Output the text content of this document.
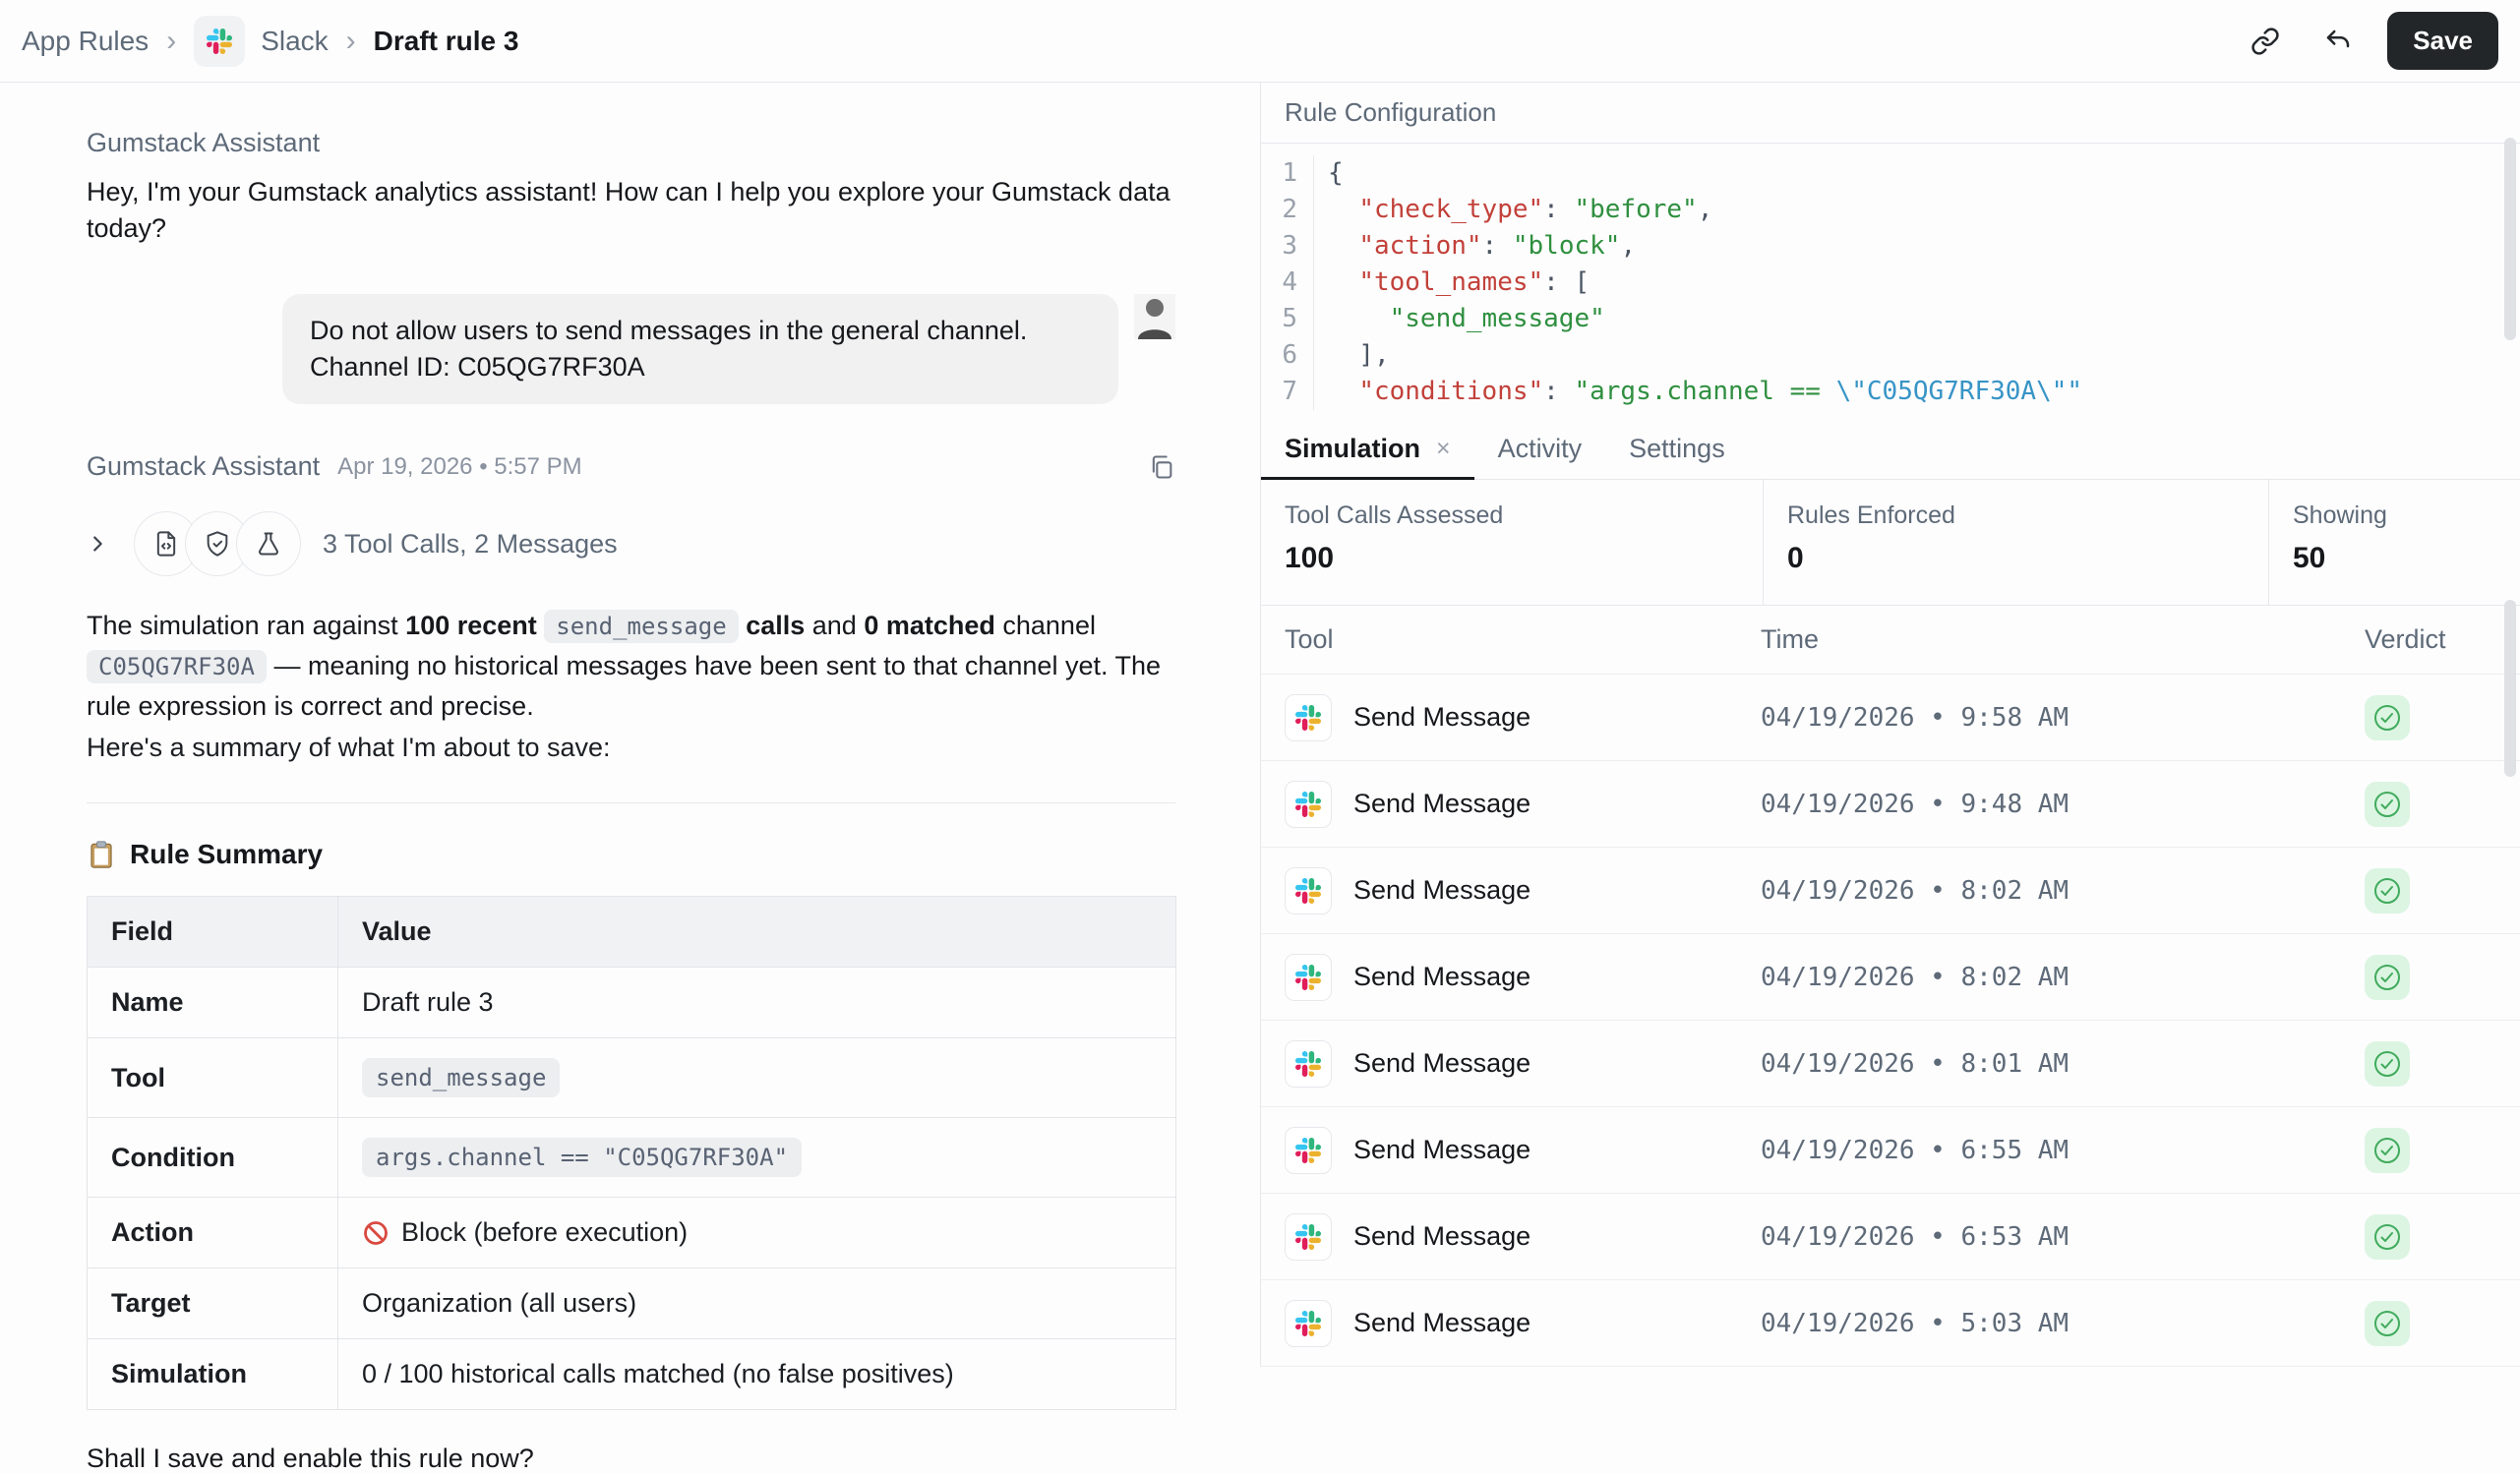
App Rules ›	Slack › Draft rule 3	Save
Gumstack Assistant

Hey, I'm your Gumstack analytics assistant! How can I help you explore your Gumstack data today?

Do not allow users to send messages in the general channel. Channel ID: C05QG7RF30A
Gumstack Assistant Apr 19, 2026 • 5:57 PM
3 Tool Calls, 2 Messages

The simulation ran against 100 recent send_message calls and 0 matched channel C05QG7RF30A — meaning no historical messages have been sent to that channel yet. The rule expression is correct and precise.

Here's a summary of what I'm about to save:

Rule Summary
Field	Value
Name	Draft rule 3
Tool	send_message
Condition	args.channel == "C05QG7RF30A"
Action	Block (before execution)
Target	Organization (all users)
Simulation	0 / 100 historical calls matched (no false positives)

Shall I save and enable this rule now?

Rule Configuration
1	{
2	"check_type": "before",
3	"action": "block",
4	"tool_names": [
5	"send_message"
6	],
7	"conditions": "args.channel == \"C05QG7RF30A\""
Simulation × Activity Settings
Tool Calls Assessed
100
Rules Enforced
0
Showing
50
Tool	Time	Verdict
Send Message	04/19/2026 • 9:58 AM
Send Message	04/19/2026 • 9:48 AM
Send Message	04/19/2026 • 8:02 AM
Send Message	04/19/2026 • 8:02 AM
Send Message	04/19/2026 • 8:01 AM
Send Message	04/19/2026 • 6:55 AM
Send Message	04/19/2026 • 6:53 AM
Send Message	04/19/2026 • 5:03 AM
